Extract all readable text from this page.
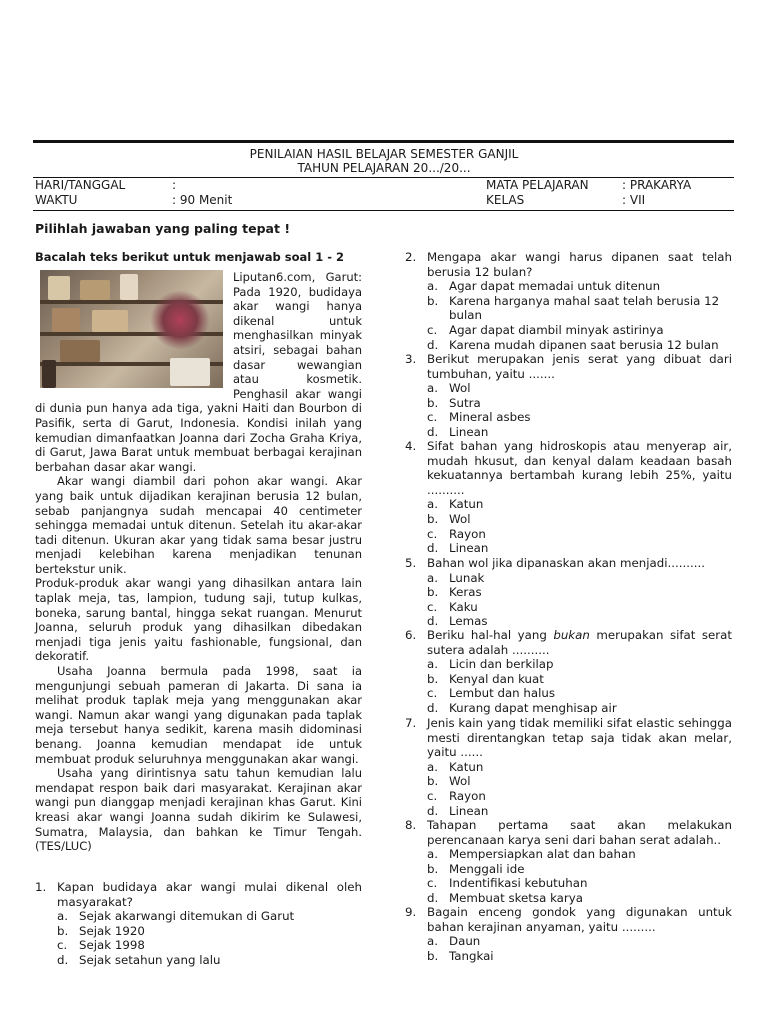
PENILAIAN HASIL BELAJAR SEMESTER GANJIL
TAHUN PELAJARAN 20.../20...
HARI/TANGGAL	:	MATA PELAJARAN	: PRAKARYA
WAKTU	: 90 Menit	KELAS	: VII
Pilihlah jawaban yang paling tepat !
Bacalah teks berikut untuk menjawab soal 1 - 2

Liputan6.com, Garut: Pada 1920, budidaya akar wangi hanya dikenal untuk menghasilkan minyak atsiri, sebagai bahan dasar wewangian atau kosmetik. Penghasil akar wangi di dunia pun hanya ada tiga, yakni Haiti dan Bourbon di Pasifik, serta di Garut, Indonesia. Kondisi inilah yang kemudian dimanfaatkan Joanna dari Zocha Graha Kriya, di Garut, Jawa Barat untuk membuat berbagai kerajinan berbahan dasar akar wangi.

Akar wangi diambil dari pohon akar wangi. Akar yang baik untuk dijadikan kerajinan berusia 12 bulan, sebab panjangnya sudah mencapai 40 centimeter sehingga memadai untuk ditenun. Setelah itu akar-akar tadi ditenun. Ukuran akar yang tidak sama besar justru menjadi kelebihan karena menjadikan tenunan bertekstur unik.

Produk-produk akar wangi yang dihasilkan antara lain taplak meja, tas, lampion, tudung saji, tutup kulkas, boneka, sarung bantal, hingga sekat ruangan. Menurut Joanna, seluruh produk yang dihasilkan dibedakan menjadi tiga jenis yaitu fashionable, fungsional, dan dekoratif.

Usaha Joanna bermula pada 1998, saat ia mengunjungi sebuah pameran di Jakarta. Di sana ia melihat produk taplak meja yang menggunakan akar wangi. Namun akar wangi yang digunakan pada taplak meja tersebut hanya sedikit, karena masih didominasi benang. Joanna kemudian mendapat ide untuk membuat produk seluruhnya menggunakan akar wangi.

Usaha yang dirintisnya satu tahun kemudian lalu mendapat respon baik dari masyarakat. Kerajinan akar wangi pun dianggap menjadi kerajinan khas Garut. Kini kreasi akar wangi Joanna sudah dikirim ke Sulawesi, Sumatra, Malaysia, dan bahkan ke Timur Tengah.(TES/LUC)

1. Kapan budidaya akar wangi mulai dikenal oleh masyarakat?
a. Sejak akarwangi ditemukan di Garut
b. Sejak 1920
c. Sejak 1998
d. Sejak setahun yang lalu
2. Mengapa akar wangi harus dipanen saat telah berusia 12 bulan?
a. Agar dapat memadai untuk ditenun
b. Karena harganya mahal saat telah berusia 12 bulan
c. Agar dapat diambil minyak astirinya
d. Karena mudah dipanen saat berusia 12 bulan
3. Berikut merupakan jenis serat yang dibuat dari tumbuhan, yaitu .......
a. Wol
b. Sutra
c. Mineral asbes
d. Linean
4. Sifat bahan yang hidroskopis atau menyerap air, mudah hkusut, dan kenyal dalam keadaan basah kekuatannya bertambah kurang lebih 25%, yaitu ..........
a. Katun
b. Wol
c. Rayon
d. Linean
5. Bahan wol jika dipanaskan akan menjadi..........
a. Lunak
b. Keras
c. Kaku
d. Lemas
6. Beriku hal-hal yang bukan merupakan sifat serat sutera adalah ..........
a. Licin dan berkilap
b. Kenyal dan kuat
c. Lembut dan halus
d. Kurang dapat menghisap air
7. Jenis kain yang tidak memiliki sifat elastic sehingga mesti direntangkan tetap saja tidak akan melar, yaitu ......
a. Katun
b. Wol
c. Rayon
d. Linean
8. Tahapan pertama saat akan melakukan perencanaan karya seni dari bahan serat adalah..
a. Mempersiapkan alat dan bahan
b. Menggali ide
c. Indentifikasi kebutuhan
d. Membuat sketsa karya
9. Bagain enceng gondok yang digunakan untuk bahan kerajinan anyaman, yaitu .........
a. Daun
b. Tangkai
